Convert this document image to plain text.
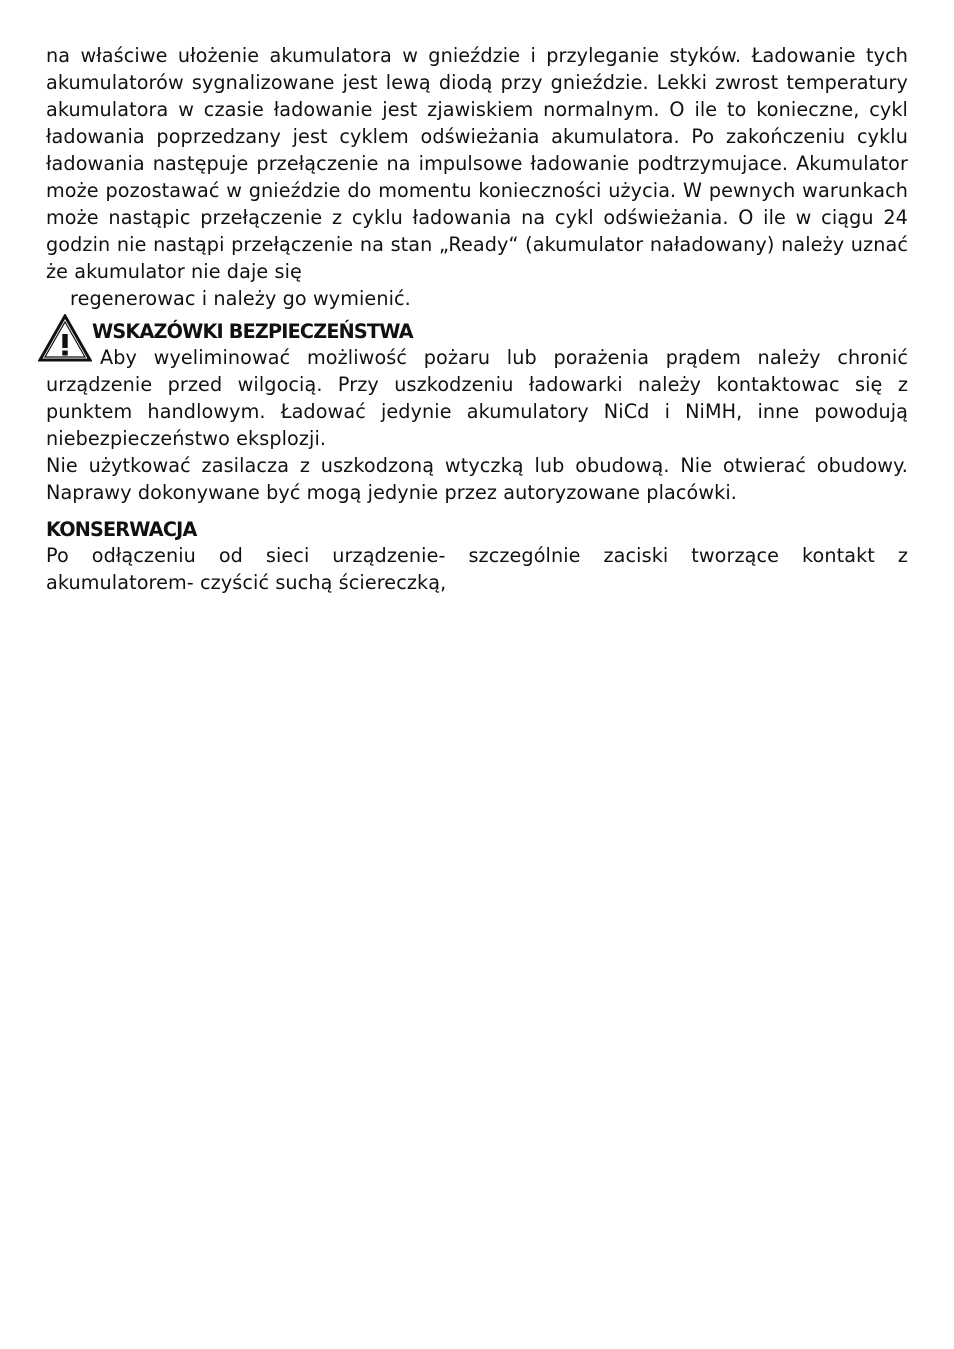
na właściwe ułożenie akumulatora w gnieździe i przyleganie styków. Ładowanie tych akumulatorów sygnalizowane jest lewą diodą przy gnieździe. Lekki zwrost temperatury akumulatora w czasie ładowanie jest zjawiskiem normalnym. O ile to konieczne, cykl ładowania poprzedzany jest cyklem odświeżania akumulatora. Po zakończeniu cyklu ładowania następuje przełączenie na impulsowe ładowanie podtrzymujace. Akumulator może pozostawać w gnieździe do momentu konieczności użycia. W pewnych warunkach może nastąpic przełączenie z cyklu ładowania na cykl odświeżania. O ile w ciągu 24 godzin nie nastąpi przełączenie na stan „Ready“ (akumulator naładowany) należy uznać że akumulator nie daje się

regenerowac i należy go wymienić.

WSKAZÓWKI BEZPIECZEŃSTWA

Aby wyeliminować możliwość pożaru lub porażenia prądem należy chronić urządzenie przed wilgocią. Przy uszkodzeniu ładowarki należy kontaktowac się z punktem handlowym. Ładować jedynie akumulatory NiCd i NiMH, inne powodują niebezpieczeństwo eksplozji.

Nie użytkować zasilacza z uszkodzoną wtyczką lub obudową. Nie otwierać obudowy. Naprawy dokonywane być mogą jedynie przez autoryzowane placówki.

KONSERWACJA

Po odłączeniu od sieci urządzenie- szczególnie zaciski tworzące kontakt z akumulatorem- czyścić suchą ściereczką,
